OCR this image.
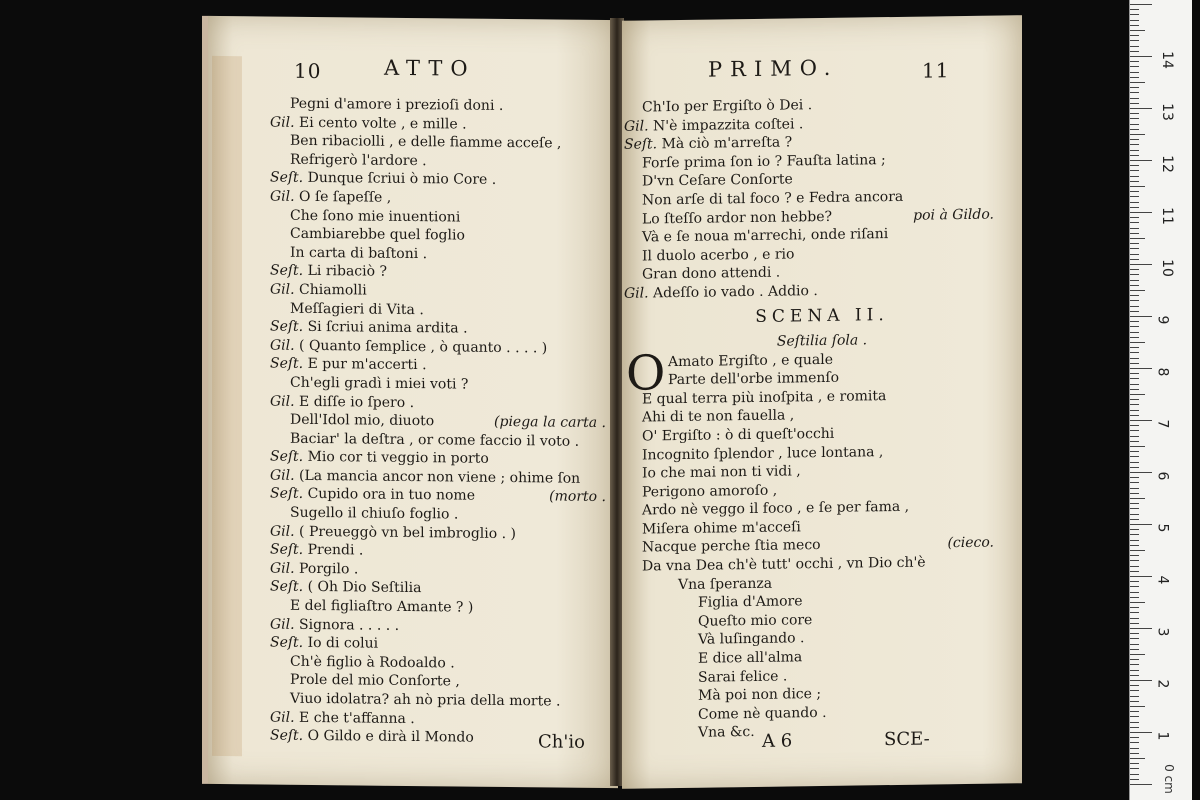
10	ATTO
Pegni d'amore i prezioſi doni .
Gil. Ei cento volte , e mille .
Ben ribaciolli , e delle fiamme acceſe ,
Refrigerò l'ardore .
Seſt. Dunque ſcriui ò mio Core .
Gil. O ſe ſapeſſe ,
Che ſono mie inuentioni
Cambiarebbe quel foglio
In carta di baſtoni .
Seſt. Li ribaciò ?
Gil. Chiamolli
Meſſagieri di Vita .
Seſt. Si ſcriui anima ardita .
Gil. ( Quanto ſemplice , ò quanto . . . . )
Seſt. E pur m'accerti .
Ch'egli gradì i miei voti ?
Gil. E diſſe io ſpero .
Dell'Idol mio, diuoto	(piega la carta .
Baciar' la deſtra , or come faccio il voto .
Seſt. Mio cor ti veggio in porto
Gil. (La mancia ancor non viene ; ohime ſon
Seſt. Cupido ora in tuo nome	(morto .
Sugello il chiuſo foglio .
Gil. ( Preueggò vn bel imbroglio . )
Seſt. Prendi .
Gil. Porgilo .
Seſt. ( Oh Dio Seſtilia
E del figliaſtro Amante ? )
Gil. Signora . . . . .
Seſt. Io di colui
Ch'è figlio à Rodoaldo .
Prole del mio Conſorte ,
Viuo idolatra? ah nò pria della morte .
Gil. E che t'affanna .
Seſt. O Gildo e dirà il Mondo	Ch'io
PRIMO.	11
Ch'Io per Ergiſto ò Dei .
Gil. N'è impazzita coſtei .
Seſt. Mà ciò m'arreſta ?
Forſe prima ſon io ? Fauſta latina ;
D'vn Ceſare Conſorte
Non arſe di tal foco ? e Fedra ancora
Lo ſteſſo ardor non hebbe?	poi à Gildo.
Và e ſe noua m'arrechi, onde riſani
Il duolo acerbo , e rio
Gran dono attendi .
Gil. Adeſſo io vado . Addio .
SCENA II.
Seſtilia ſola .
O Amato Ergiſto , e quale
Parte dell'orbe immenſo
E qual terra più inoſpita , e romita
Ahi di te non fauella ,
O' Ergiſto : ò di queſt'occhi
Incognito ſplendor , luce lontana ,
Io che mai non ti vidi ,
Perigono amoroſo ,
Ardo nè veggo il foco , e ſe per fama ,
Miſera ohime m'acceſi
Nacque perche ſtia meco	(cieco.
Da vna Dea ch'è tutt' occhi , vn Dio ch'è
Vna ſperanza
Figlia d'Amore
Queſto mio core
Và luſingando .
E dice all'alma
Sarai felice .
Mà poi non dice ;
Come nè quando .
Vna &c. A 6	SCE-
0 cm
14
13
12
11
10
9
8
7
6
5
4
3
2
1
